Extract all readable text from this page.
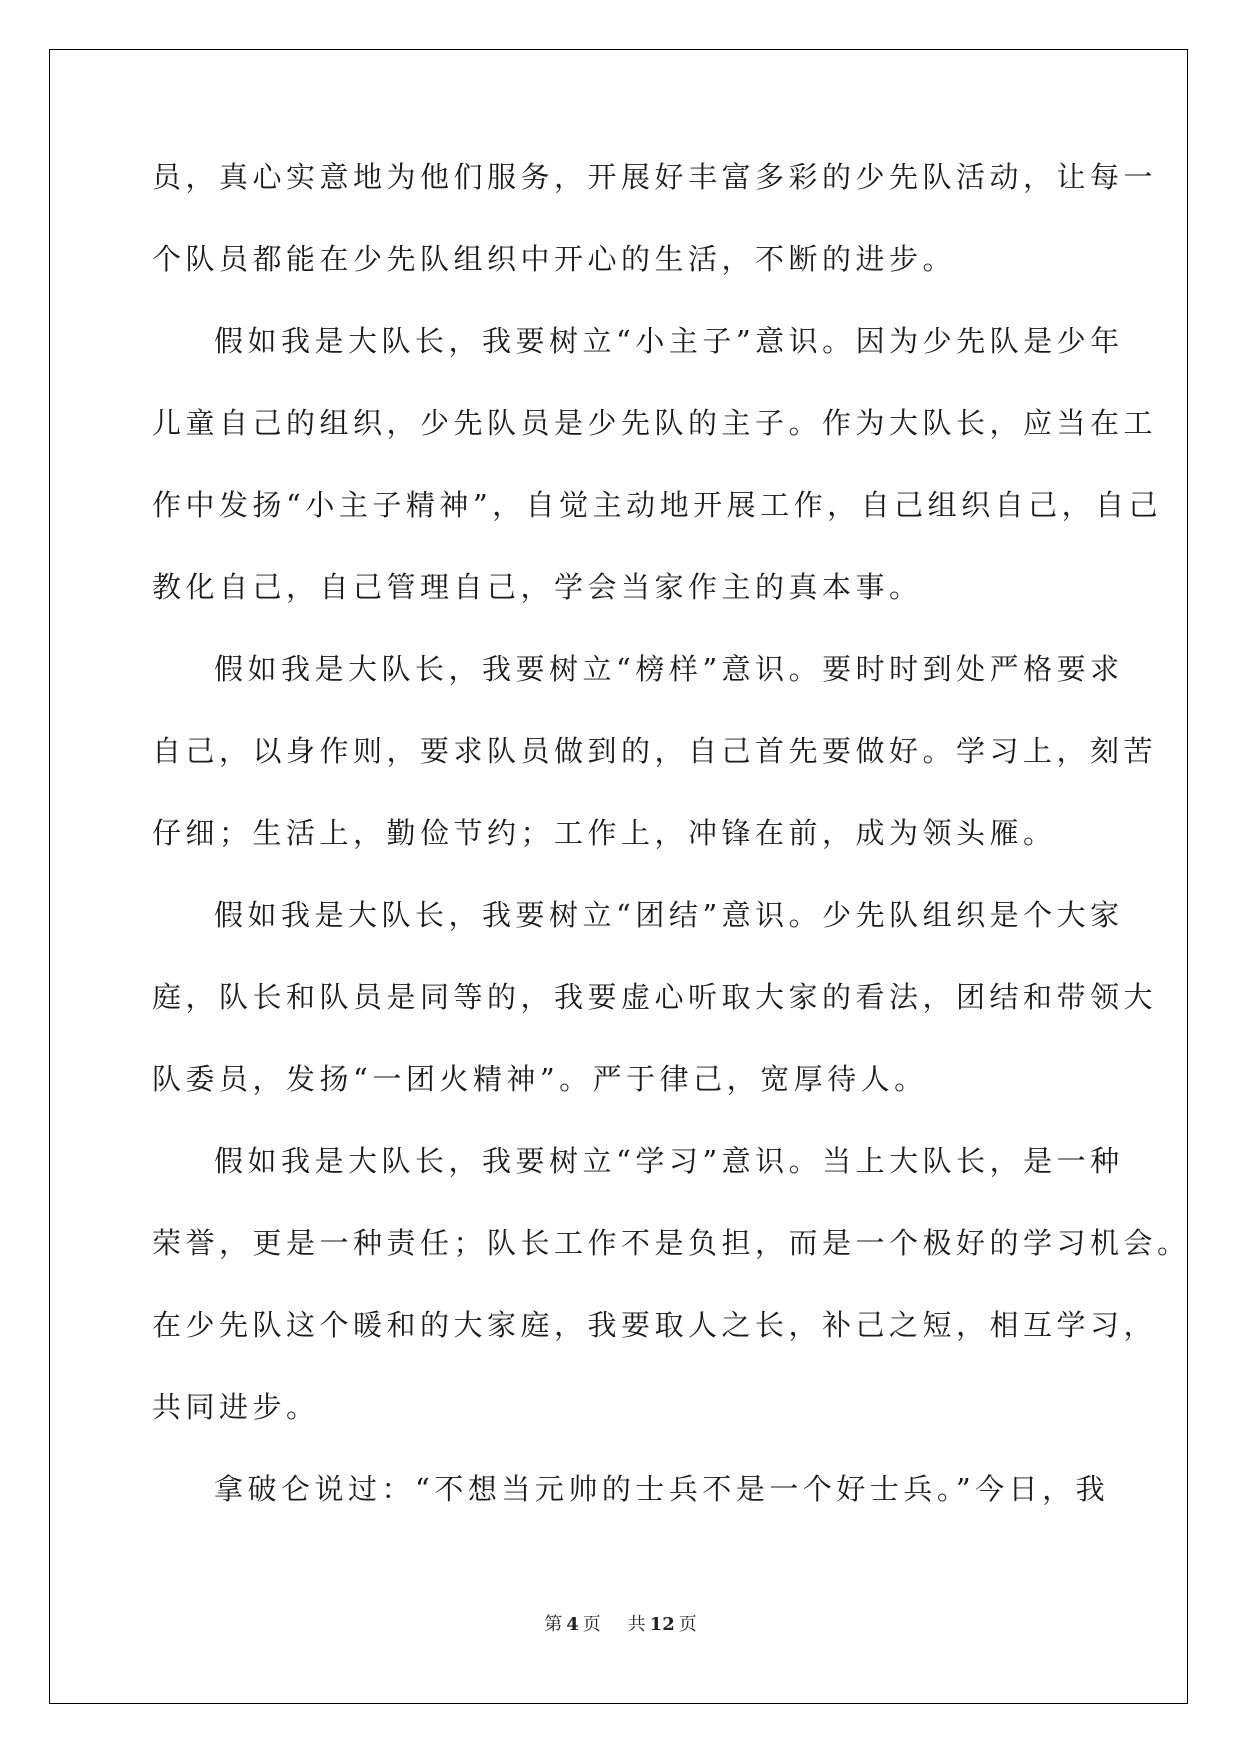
员，真心实意地为他们服务，开展好丰富多彩的少先队活动，让每一
个队员都能在少先队组织中开心的生活，不断的进步。
假如我是大队长，我要树立“小主子”意识。因为少先队是少年
儿童自己的组织，少先队员是少先队的主子。作为大队长，应当在工
作中发扬“小主子精神”，自觉主动地开展工作，自己组织自己，自己
教化自己，自己管理自己，学会当家作主的真本事。
假如我是大队长，我要树立“榜样”意识。要时时到处严格要求
自己，以身作则，要求队员做到的，自己首先要做好。学习上，刻苦
仔细；生活上，勤俭节约；工作上，冲锋在前，成为领头雁。
假如我是大队长，我要树立“团结”意识。少先队组织是个大家
庭，队长和队员是同等的，我要虚心听取大家的看法，团结和带领大
队委员，发扬“一团火精神”。严于律己，宽厚待人。
假如我是大队长，我要树立“学习”意识。当上大队长，是一种
荣誉，更是一种责任；队长工作不是负担，而是一个极好的学习机会。
在少先队这个暖和的大家庭，我要取人之长，补己之短，相互学习，
共同进步。
拿破仑说过：“不想当元帅的士兵不是一个好士兵。”今日，我
第 4 页 共 12 页
